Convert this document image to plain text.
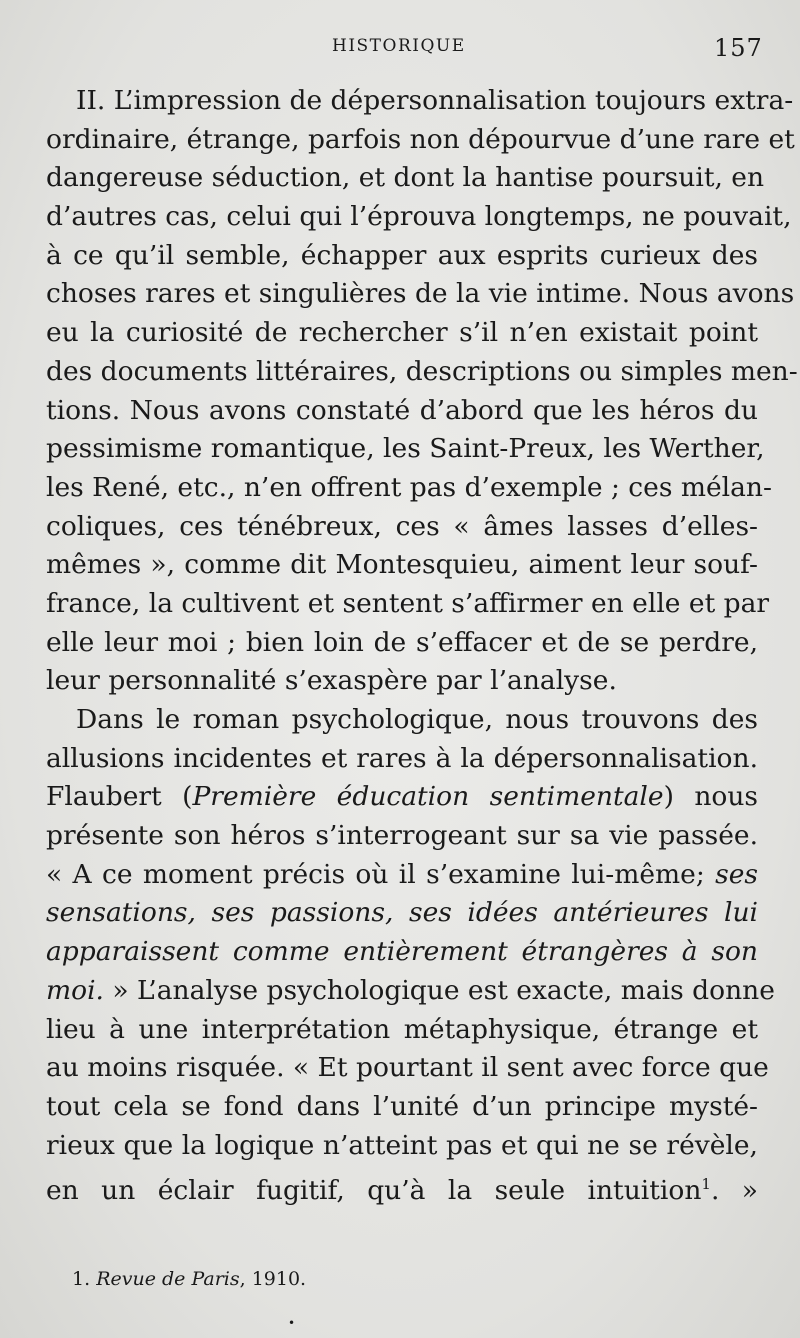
HISTORIQUE	157
II. L’impression de dépersonnalisation toujours extra-
ordinaire, étrange, parfois non dépourvue d’une rare et
dangereuse séduction, et dont la hantise poursuit, en
d’autres cas, celui qui l’éprouva longtemps, ne pouvait,
à ce qu’il semble, échapper aux esprits curieux des
choses rares et singulières de la vie intime. Nous avons
eu la curiosité de rechercher s’il n’en existait point
des documents littéraires, descriptions ou simples men-
tions. Nous avons constaté d’abord que les héros du
pessimisme romantique, les Saint-Preux, les Werther,
les René, etc., n’en offrent pas d’exemple ; ces mélan-
coliques, ces ténébreux, ces « âmes lasses d’elles-
mêmes », comme dit Montesquieu, aiment leur souf-
france, la cultivent et sentent s’affirmer en elle et par
elle leur moi ; bien loin de s’effacer et de se perdre,
leur personnalité s’exaspère par l’analyse.
Dans le roman psychologique, nous trouvons des
allusions incidentes et rares à la dépersonnalisation.
Flaubert (Première éducation sentimentale) nous
présente son héros s’interrogeant sur sa vie passée.
« A ce moment précis où il s’examine lui-même; ses
sensations, ses passions, ses idées antérieures lui
apparaissent comme entièrement étrangères à son
moi. » L’analyse psychologique est exacte, mais donne
lieu à une interprétation métaphysique, étrange et
au moins risquée. « Et pourtant il sent avec force que
tout cela se fond dans l’unité d’un principe mysté-
rieux que la logique n’atteint pas et qui ne se révèle,
en un éclair fugitif, qu’à la seule intuition$^1$. »
1. Revue de Paris, 1910.
•
